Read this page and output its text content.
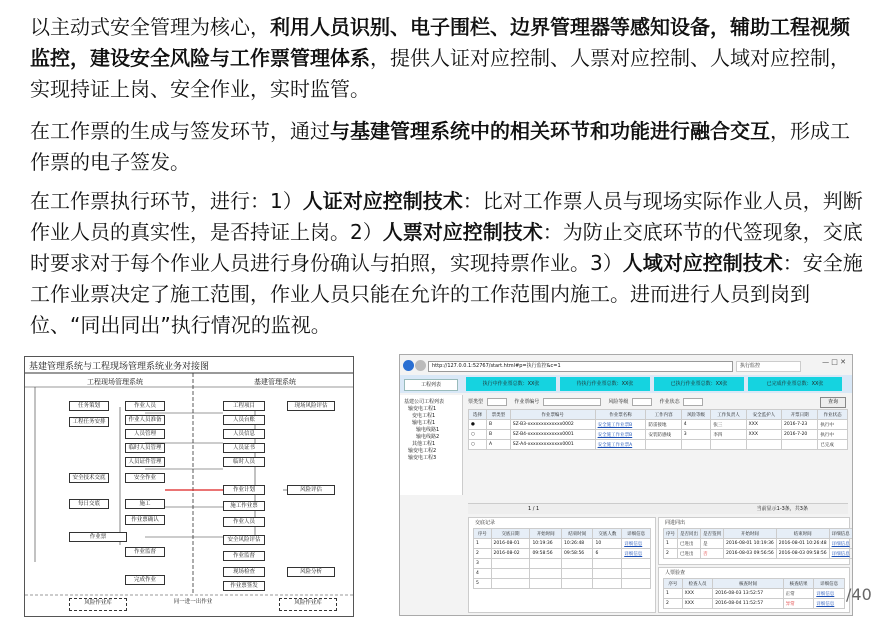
以主动式安全管理为核心，利用人员识别、电子围栏、边界管理器等感知设备，辅助工程视频监控，建设安全风险与工作票管理体系，提供人证对应控制、人票对应控制、人域对应控制，实现持证上岗、安全作业，实时监管。

在工作票的生成与签发环节，通过与基建管理系统中的相关环节和功能进行融合交互，形成工作票的电子签发。

在工作票执行环节，进行：1）人证对应控制技术：比对工作票人员与现场实际作业人员，判断作业人员的真实性，是否持证上岗。2）人票对应控制技术：为防止交底环节的代签现象，交底时要求对于每个作业人员进行身份确认与拍照，实现持票作业。3）人域对应控制技术：安全施工作业票决定了施工范围，作业人员只能在允许的工作范围内施工。进而进行人员到岗到位、“同出同出”执行情况的监视。

基建管理系统与工程现场管理系统业务对接图
工程现场管理系统	基建管理系统
任务策划
工程任务安排
作业人员
作业人员准备
人员管理
临时人员管理
人员证件管理
安全作业
安全技术交底
每日交底	施工
作业票确认
作业票
作业监督
完成作业
工程项目
人员台账
人员信息
人员证书
临时人员
作业计划
施工作业票
作业人员
安全风险评估
作业监督
现场检查
作业票签发
现场风险评估
风险评估
风险分析
风险作业库	同一进一出作业	风险作业库
http://127.0.0.1:52767/start.html#p=执行监控&c=1	执行监控	— □ ✕
工程列表	执行中作业票总数：XX张	待执行作业票总数：XX张	已执行作业票总数：XX张	已完成作业票总数：XX张
基建公司工程列表
输变电工程1
变电工程1
输电工程1
输电线路1
输电线路2
其他工程1
输变电工程2
输变电工程3
票类型	作业票编号	风险等级	作业状态	查询
选择	票类型	作业票编号	作业票名称	工作内容	风险等级	工作负责人	安全监护人	开票日期	作业状态
●	B	SZ-B3-xxxxxxxxxxxxx0002	安全施工作业票B	防雷接地	4	张三	XXX	2016-7-23	执行中
○	B	SZ-B4-xxxxxxxxxxxxx0001	安全施工作业票B	安装防感线	3	李四	XXX	2016-7-20	执行中
○	A	SZ-A4-xxxxxxxxxxxxx0001	安全施工作业票A						已完成
1 / 1	当前显示1-3条，共3条
交底记录
序号	交底日期	开始时间	结束时间	交底人数	详细信息
1	2016-08-01	10:19:36	10:26:48	10	详细信息
2	2016-08-02	09:58:56	09:58:56	6	详细信息
3					
4					
5					
同进同出
序号	是否同出	是否签到	开始时间	结束时间	详细信息
1	已进出	是	2016-08-01 10:19:36	2016-08-01 10:26:48	详细信息
2	已进出	否	2016-08-03 09:56:56	2016-08-03 09:58:56	详细信息
人票验查
序号	检查人员	核查时间	核查结果	详细信息
1	XXX	2016-08-03 13:52:57	正常	详细信息
2	XXX	2016-08-04 11:52:57	异常	详细信息 /40
